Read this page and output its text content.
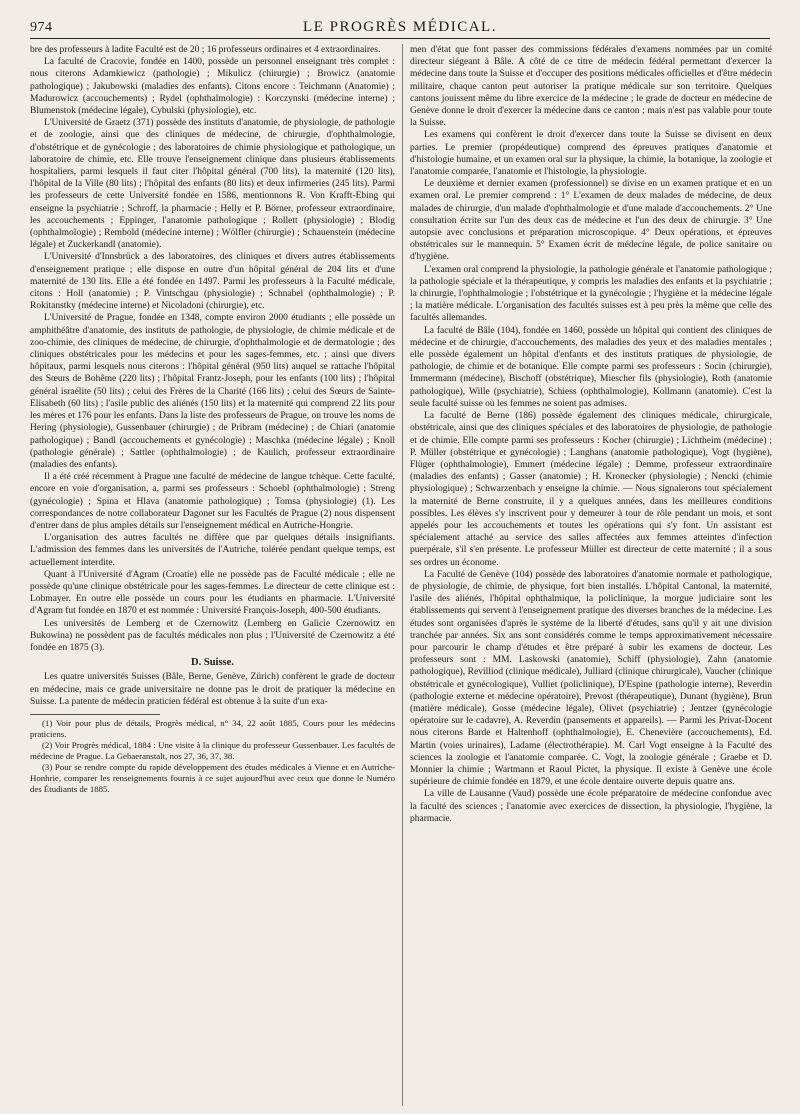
974	LE PROGRÈS MÉDICAL.

bre des professeurs à ladite Faculté est de 20 ; 16 professeurs ordinaires et 4 extraordinaires.

La faculté de Cracovie, fondée en 1400, possède un personnel enseignant très complet : nous citerons Adamkiewicz (pathologie) ; Mikulicz (chirurgie) ; Browicz (anatomie pathologique) ; Jakubowski (maladies des enfants). Citons encore : Teichmann (Anatomie) ; Madurowicz (accouchements) ; Rydel (ophthalmologie) : Korczynski (médecine interne) ; Blumenstok (médecine légale), Cybulski (physiologie), etc.

L'Université de Graetz (371) possède des instituts d'anatomie, de physiologie, de pathologie et de zoologie, ainsi que des cliniques de médecine, de chirurgie, d'ophthalmologie, d'obstétrique et de gynécologie ; des laboratoires de chimie physiologique et pathologique, un laboratoire de chimie, etc. Elle trouve l'enseignement clinique dans plusieurs établissements hospitaliers, parmi lesquels il faut citer l'hôpital général (700 lits), la maternité (120 lits), l'hôpital de la Ville (80 lits) ; l'hôpital des enfants (80 lits) et deux infirmeries (245 lits). Parmi les professeurs de cette Université fondée en 1586, mentionnons R. Von Krafft-Ebing qui enseigne la psychiatrie ; Schroff, la pharmacie ; Helly et P. Börner, professeur extraordinaire, les accouchements ; Eppinger, l'anatomie pathologique ; Rollett (physiologie) ; Blodig (ophthalmologie) ; Rembold (médecine interne) ; Wölfler (chirurgie) ; Schauenstein (médecine légale) et Zuckerkandl (anatomie).

L'Université d'Innsbrück a des laboratoires, des cliniques et divers autres établissements d'enseignement pratique ; elle dispose en outre d'un hôpital général de 204 lits et d'une maternité de 130 lits. Elle a été fondée en 1497. Parmi les professeurs à la Faculté médicale, citons : Holl (anatomie) ; P. Vintschgau (physiologie) ; Schnabel (ophthalmologie) ; P. Rokitanstky (médecine interne) et Nicoladoni (chirurgie), etc.

L'Université de Prague, fondée en 1348, compte environ 2000 étudiants ; elle possède un amphithéâtre d'anatomie, des instituts de pathologie, de physiologie, de chimie médicale et de zoo-chimie, des cliniques de médecine, de chirurgie, d'ophthalmologie et de dermatologie ; des cliniques obstétricales pour les médecins et pour les sages-femmes, etc. ; ainsi que divers hôpitaux, parmi lesquels nous citerons : l'hôpital général (950 lits) auquel se rattache l'hôpital des Sœurs de Bohême (220 lits) ; l'hôpital Frantz-Joseph, pour les enfants (100 lits) ; l'hôpital général israélite (50 lits) ; celui des Frères de la Charité (166 lits) ; celui des Sœurs de Sainte-Elisabeth (60 lits) ; l'asile public des aliénés (150 lits) et la maternité qui comprend 22 lits pour les mères et 176 pour les enfants. Dans la liste des professeurs de Prague, on trouve les noms de Hering (physiologie), Gussenbauer (chirurgie) ; de Pribram (médecine) ; de Chiari (anatomie pathologique) ; Bandl (accouchements et gynécologie) ; Maschka (médecine légale) ; Knoll (pathologie générale) ; Sattler (ophthalmologie) ; de Kaulich, professeur extraordinaire (maladies des enfants).

Il a été créé récemment à Prague une faculté de médecine de langue tchèque. Cette faculté, encore en voie d'organisation, a, parmi ses professeurs : Schoebl (ophthalmologie) ; Streng (gynécologie) ; Spina et Hlava (anatomie pathologique) ; Tomsa (physiologie) (1). Les correspondances de notre collaborateur Dagonet sur les Facultés de Prague (2) nous dispensent d'entrer dans de plus amples détails sur l'enseignement médical en Autriche-Hongrie.

L'organisation des autres facultés ne diffère que par quelques détails insignifiants. L'admission des femmes dans les universités de l'Autriche, tolérée pendant quelque temps, est actuellement interdite.

Quant à l'Université d'Agram (Croatie) elle ne possède pas de Faculté médicale ; elle ne possède qu'une clinique obstétricale pour les sages-femmes. Le directeur de cette clinique est : Lobmayer. En outre elle possède un cours pour les étudiants en pharmacie. L'Université d'Agram fut fondée en 1870 et est nommée : Université François-Joseph, 400-500 étudiants.

Les universités de Lemberg et de Czernowitz (Lemberg en Galicie Czernowitz en Bukowina) ne possèdent pas de facultés médicales non plus ; l'Université de Czernowitz a été fondée en 1875 (3).

D. Suisse.

Les quatre universités Suisses (Bâle, Berne, Genève, Zürich) confèrent le grade de docteur en médecine, mais ce grade universitaire ne donne pas le droit de pratiquer la médecine en Suisse. La patente de médecin praticien fédéral est obtenue à la suite d'un exa-

(1) Voir pour plus de détails, Progrès médical, n° 34, 22 août 1885, Cours pour les médecins praticiens.

(2) Voir Progrès médical, 1884 : Une visite à la clinique du professeur Gussenbauer. Les facultés de médecine de Prague. La Gebaeranstalt, nos 27, 36, 37, 38.

(3) Pour se rendre compte du rapide développement des études médicales à Vienne et en Autriche-Honhrie, comparer les renseignements fournis à ce sujet aujourd'hui avec ceux que donne le Numéro des Étudiants de 1885.

men d'état que font passer des commissions fédérales d'examens nommées par un comité directeur siégeant à Bâle. A côté de ce titre de médecin fédéral permettant d'exercer la médecine dans toute la Suisse et d'occuper des positions médicales officielles et d'être médecin militaire, chaque canton peut autoriser la pratique médicale sur son territoire. Quelques cantons jouissent même du libre exercice de la médecine ; le grade de docteur en médecine de Genève donne le droit d'exercer la médecine dans ce canton ; mais n'est pas valable pour toute la Suisse.

Les examens qui confèrent le droit d'exercer dans toute la Suisse se divisent en deux parties. Le premier (propédeutique) comprend des épreuves pratiques d'anatomie et d'histologie humaine, et un examen oral sur la physique, la chimie, la botanique, la zoologie et l'anatomie comparée, l'anatomie et l'histologie, la physiologie.

Le deuxième et dernier examen (professionnel) se divise en un examen pratique et en un examen oral. Le premier comprend : 1° L'examen de deux malades de médecine, de deux malades de chirurgie, d'un malade d'ophthalmologie et d'une malade d'accouchements. 2° Une consultation écrite sur l'un des deux cas de médecine et l'un des deux de chirurgie. 3° Une autopsie avec conclusions et préparation microscopique. 4° Deux opérations, et épreuves obstétricales sur le mannequin. 5° Examen écrit de médecine légale, de police sanitaire ou d'hygiène.

L'examen oral comprend la physiologie, la pathologie générale et l'anatomie pathologique ; la pathologie spéciale et la thérapeutique, y compris les maladies des enfants et la psychiatrie ; la chirurgie, l'ophthalmologie ; l'obstétrique et la gynécologie ; l'hygiène et la médecine légale ; la matière médicale. L'organisation des facultés suisses est à peu près la même que celle des facultés allemandes.

La faculté de Bâle (104), fondée en 1460, possède un hôpital qui contient des cliniques de médecine et de chirurgie, d'accouchements, des maladies des yeux et des maladies mentales ; elle possède également un hôpital d'enfants et des instituts pratiques de physiologie, de pathologie, de chimie et de botanique. Elle compte parmi ses professeurs : Socin (chirurgie), Immermann (médecine), Bischoff (obstétrique), Miescher fils (physiologie), Roth (anatomie pathologique), Wille (psychiatrie), Schiess (ophthalmologie), Kollmann (anatomie). C'est la seule faculté suisse où les femmes ne soient pas admises.

La faculté de Berne (186) possède également des cliniques médicale, chirurgicale, obstétricale, ainsi que des cliniques spéciales et des laboratoires de physiologie, de pathologie et de chimie. Elle compte parmi ses professeurs : Kocher (chirurgie) ; Lichtheim (médecine) ; P. Müller (obstétrique et gynécologie) ; Langhans (anatomie pathologique), Vogt (hygiène), Flüger (ophthalmologie), Emmert (médecine légale) ; Demme, professeur extraordinaire (maladies des enfants) ; Gasser (anatomie) ; H. Kronecker (physiologie) ; Nencki (chimie physiologique) ; Schwarzenbach y enseigne la chimie. — Nous signalerons tout spécialement la maternité de Berne construite, il y a quelques années, dans les meilleures conditions possibles. Les élèves s'y inscrivent pour y demeurer à tour de rôle pendant un mois, et sont appelés pour les accouchements et toutes les opérations qui s'y font. Un assistant est spécialement attaché au service des salles affectées aux femmes atteintes d'infection puerpérale, s'il s'en présente. Le professeur Müller est directeur de cette maternité ; il a sous ses ordres un économe.

La Faculté de Genève (104) possède des laboratoires d'anatomie normale et pathologique, de physiologie, de chimie, de physique, fort bien installés. L'hôpital Cantonal, la maternité, l'asile des aliénés, l'hôpital ophthalmique, la policlinique, la morgue judiciaire sont les établissements qui servent à l'enseignement pratique des diverses branches de la médecine. Les études sont organisées d'après le système de la liberté d'études, sans qu'il y ait une division tranchée par années. Six ans sont considérés comme le temps approximativement nécessaire pour parcourir le champ d'études et être préparé à subir les examens de docteur. Les professeurs sont : MM. Laskowski (anatomie), Schiff (physiologie), Zahn (anatomie pathologique), Revilliod (clinique médicale), Julliard (clinique chirurgicale), Vaucher (clinique obstétricale et gynécologique), Vulliet (policlinique), D'Espine (pathologie interne), Reverdin (pathologie externe et médecine opératoire), Prevost (thérapeutique), Dunant (hygiène), Brun (matière médicale), Gosse (médecine légale), Olivet (psychiatrie) ; Jentzer (gynécologie opératoire sur le cadavre), A. Reverdin (pansements et appareils). — Parmi les Privat-Docent nous citerons Barde et Haltenhoff (ophthalmologie), E. Chenevière (accouchements), Ed. Martin (voies urinaires), Ladame (électrothérapie). M. Carl Vogt enseigne à la Faculté des sciences la zoologie et l'anatomie comparée. C. Vogt, la zoologie générale ; Graebe et D. Monnier la chimie ; Wartmann et Raoul Pictet, la physique. Il existe à Genève une école supérieure de chimie fondée en 1879, et une école dentaire ouverte depuis quatre ans.

La ville de Lausanne (Vaud) possède une école préparatoire de médecine confondue avec la faculté des sciences ; l'anatomie avec exercices de dissection, la physiologie, l'hygiène, la pharmacie.
